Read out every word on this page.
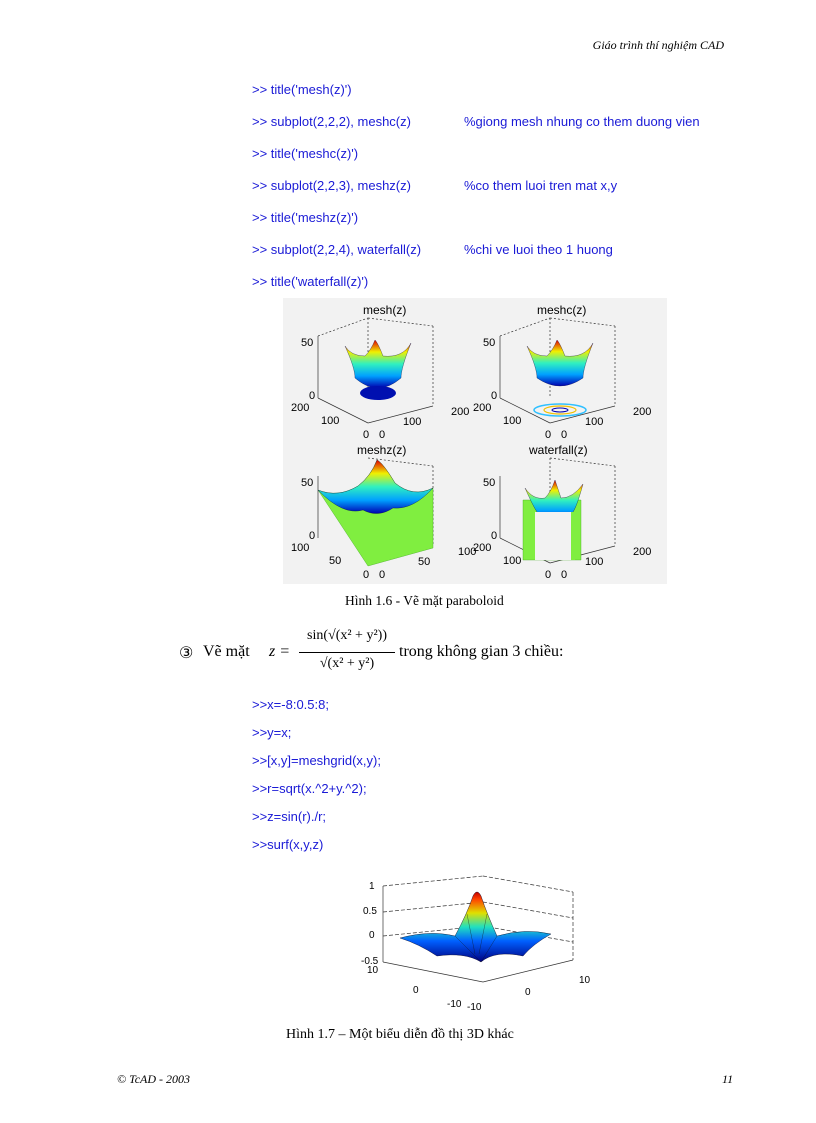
Giáo trình thí nghiệm CAD
>> title('mesh(z)')
>> subplot(2,2,2), meshc(z)	%giong mesh nhung co them duong vien
>> title('meshc(z)')
>> subplot(2,2,3), meshz(z)	%co them luoi tren mat x,y
>> title('meshz(z)')
>> subplot(2,2,4), waterfall(z)	%chi ve luoi theo 1 huong
>> title('waterfall(z)')
mesh(z)
50
0
200
100
0 0
100
200
meshc(z)
50
0
200
100
0 0
100
200
meshz(z)
50
0
100
50
0 0
50
100
waterfall(z)
50
0
200
100
0 0
100
200
Hình 1.6 - Vẽ mặt paraboloid
③ Vẽ mặt z =
sin(√(x² + y²))
√(x² + y²)
trong không gian 3 chiều:
>>x=-8:0.5:8;
>>y=x;
>>[x,y]=meshgrid(x,y);
>>r=sqrt(x.^2+y.^2);
>>z=sin(r)./r;
>>surf(x,y,z)
1
0.5
0
-0.5
10
0
-10 -10
0
10
Hình 1.7 – Một biểu diễn đồ thị 3D khác
© TcAD - 2003	11
